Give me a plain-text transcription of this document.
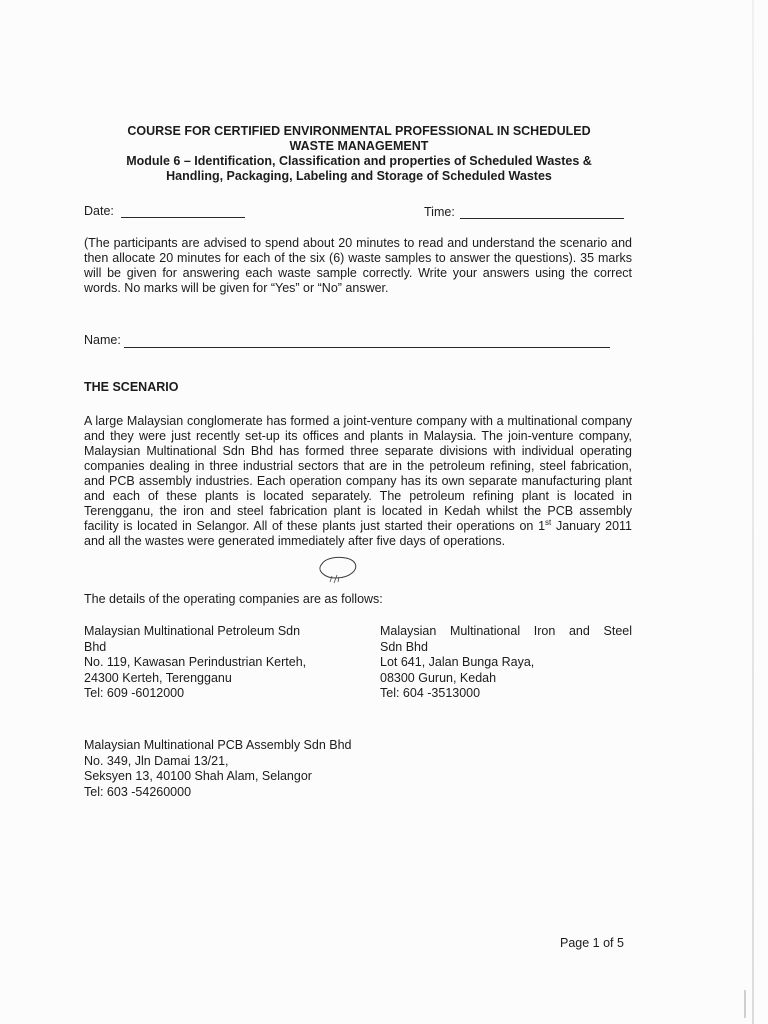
COURSE FOR CERTIFIED ENVIRONMENTAL PROFESSIONAL IN SCHEDULED
WASTE MANAGEMENT
Module 6 – Identification, Classification and properties of Scheduled Wastes &
Handling, Packaging, Labeling and Storage of Scheduled Wastes
Date:	Time:
(The participants are advised to spend about 20 minutes to read and understand the scenario and then allocate 20 minutes for each of the six (6) waste samples to answer the questions). 35 marks will be given for answering each waste sample correctly. Write your answers using the correct words. No marks will be given for “Yes” or “No” answer.
Name:
THE SCENARIO
A large Malaysian conglomerate has formed a joint-venture company with a multinational company and they were just recently set-up its offices and plants in Malaysia. The join-venture company, Malaysian Multinational Sdn Bhd has formed three separate divisions with individual operating companies dealing in three industrial sectors that are in the petroleum refining, steel fabrication, and PCB assembly industries. Each operation company has its own separate manufacturing plant and each of these plants is located separately. The petroleum refining plant is located in Terengganu, the iron and steel fabrication plant is located in Kedah whilst the PCB assembly facility is located in Selangor. All of these plants just started their operations on 1st January 2011 and all the wastes were generated immediately after five days of operations.
The details of the operating companies are as follows:
Malaysian Multinational Petroleum Sdn
Bhd
No. 119, Kawasan Perindustrian Kerteh,
24300 Kerteh, Terengganu
Tel: 609 -6012000
Malaysian Multinational Iron and Steel
Sdn Bhd
Lot 641, Jalan Bunga Raya,
08300 Gurun, Kedah
Tel: 604 -3513000
Malaysian Multinational PCB Assembly Sdn Bhd
No. 349, Jln Damai 13/21,
Seksyen 13, 40100 Shah Alam, Selangor
Tel: 603 -54260000
Page 1 of 5
